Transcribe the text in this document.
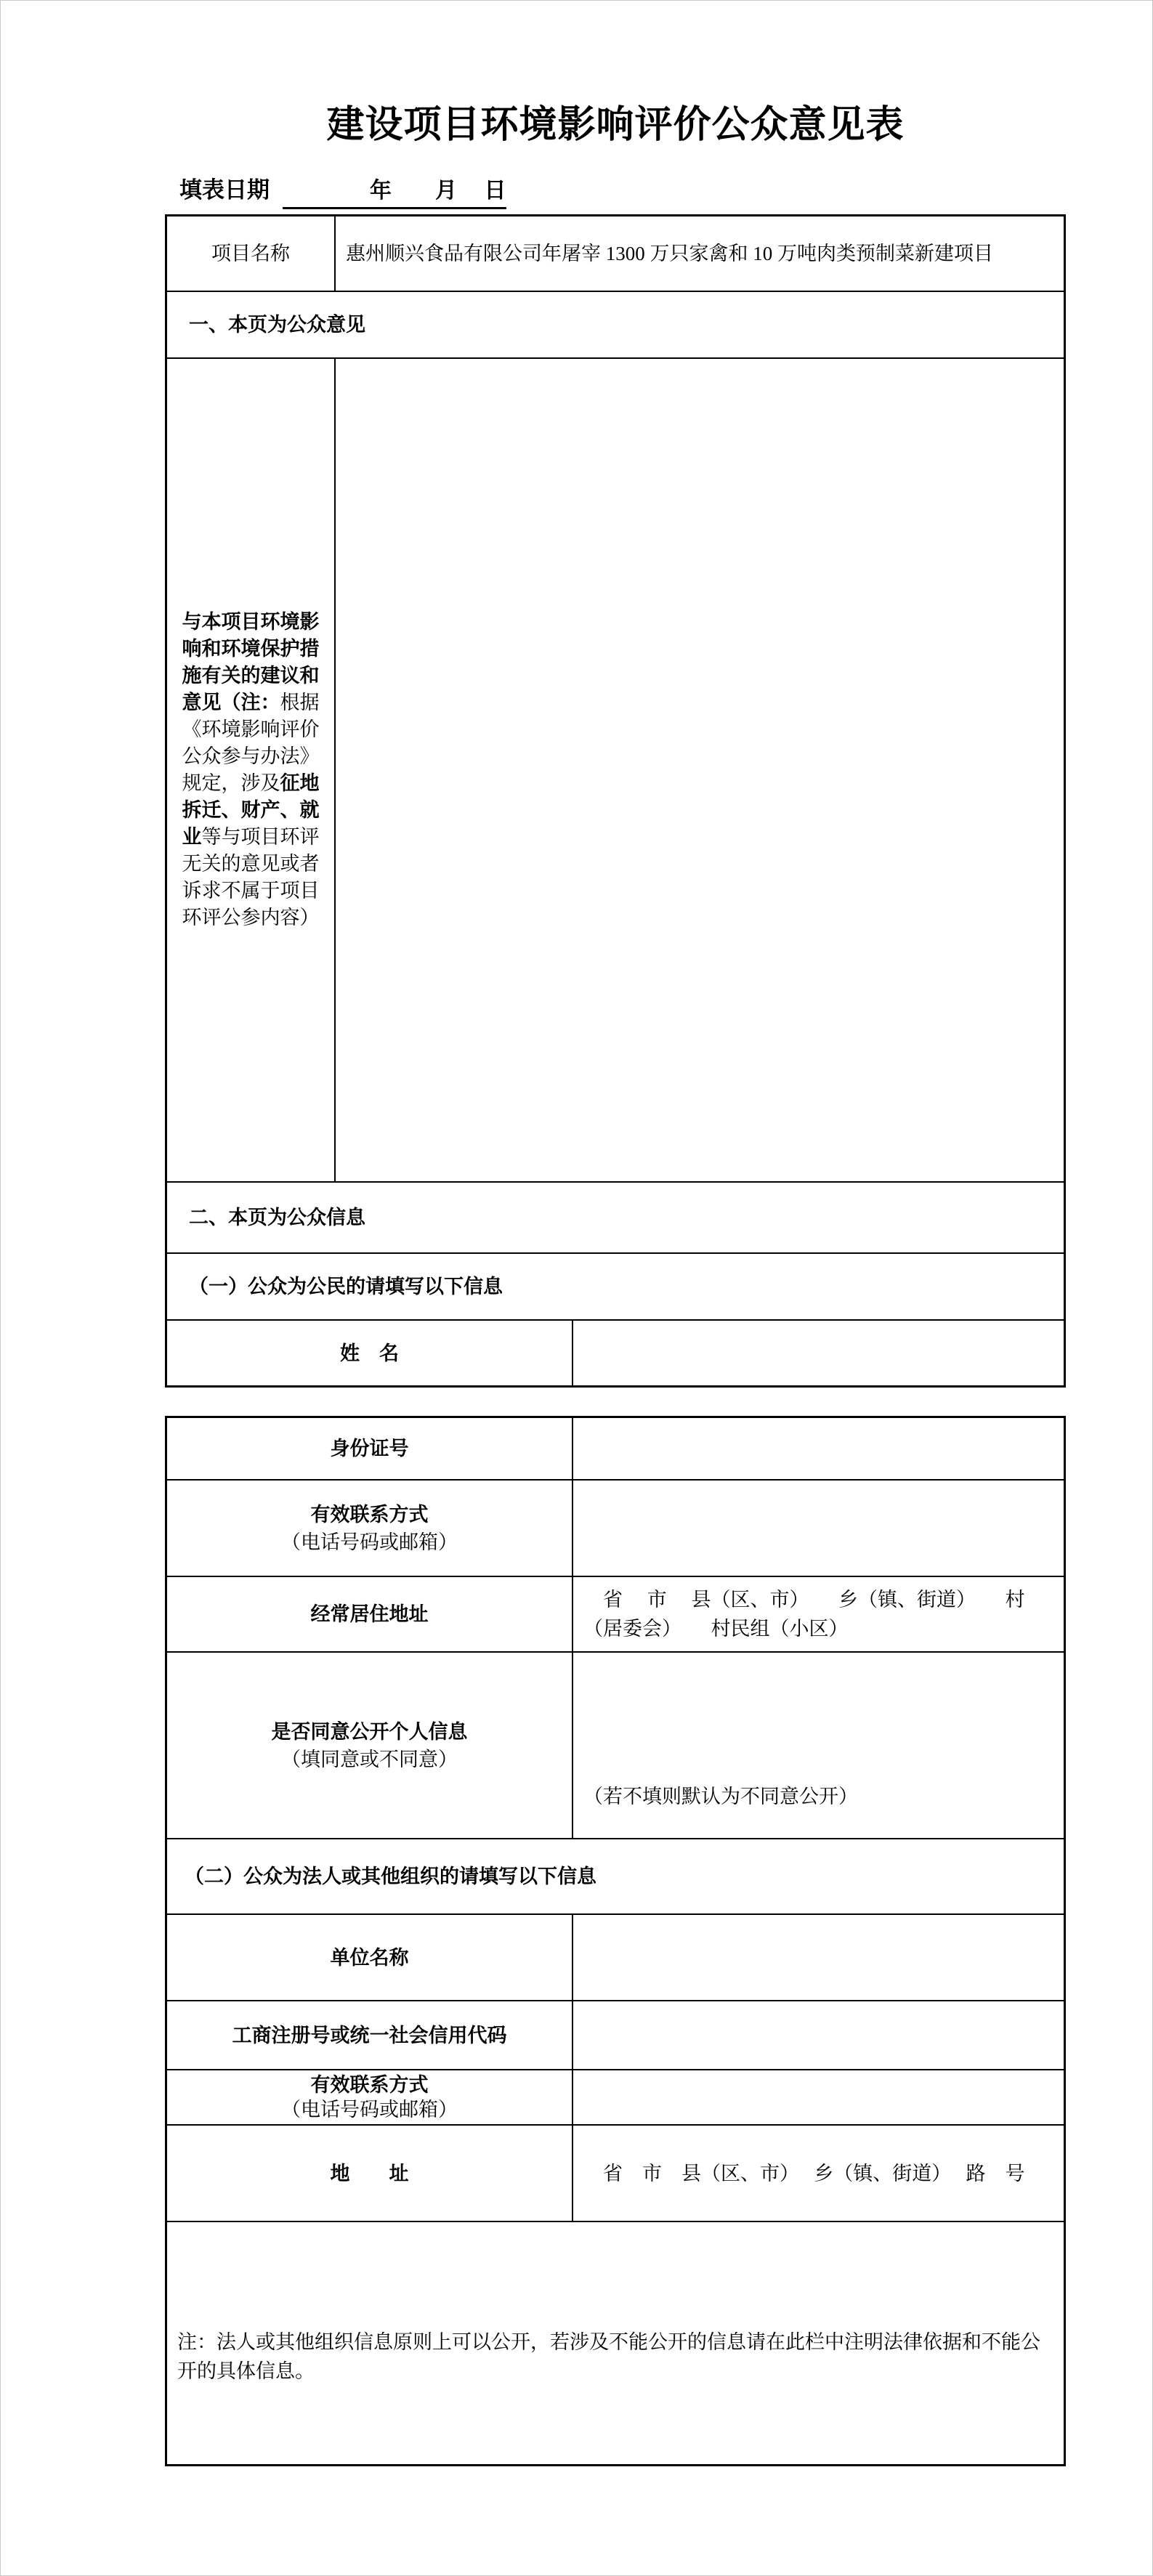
建设项目环境影响评价公众意见表
填表日期　　　　年　　月　 日
项目名称	惠州顺兴食品有限公司年屠宰 1300 万只家禽和 10 万吨肉类预制菜新建项目
一、本页为公众意见
与本项目环境影响和环境保护措施有关的建议和意见（注：根据《环境影响评价公众参与办法》规定，涉及征地拆迁、财产、就业等与项目环评无关的意见或者诉求不属于项目环评公参内容）
二、本页为公众信息
（一）公众为公民的请填写以下信息
姓　名
身份证号
有效联系方式
（电话号码或邮箱）
经常居住地址
　省　 市　 县（区、市）　　乡（镇、街道）　　村
（居委会）　　村民组（小区）
是否同意公开个人信息
（填同意或不同意）
（若不填则默认为不同意公开）
（二）公众为法人或其他组织的请填写以下信息
单位名称
工商注册号或统一社会信用代码
有效联系方式
（电话号码或邮箱）
地　　址	　省　市　县（区、市）　 乡（镇、街道）　 路　号
注：法人或其他组织信息原则上可以公开，若涉及不能公开的信息请在此栏中注明法律依据和不能公开的具体信息。
